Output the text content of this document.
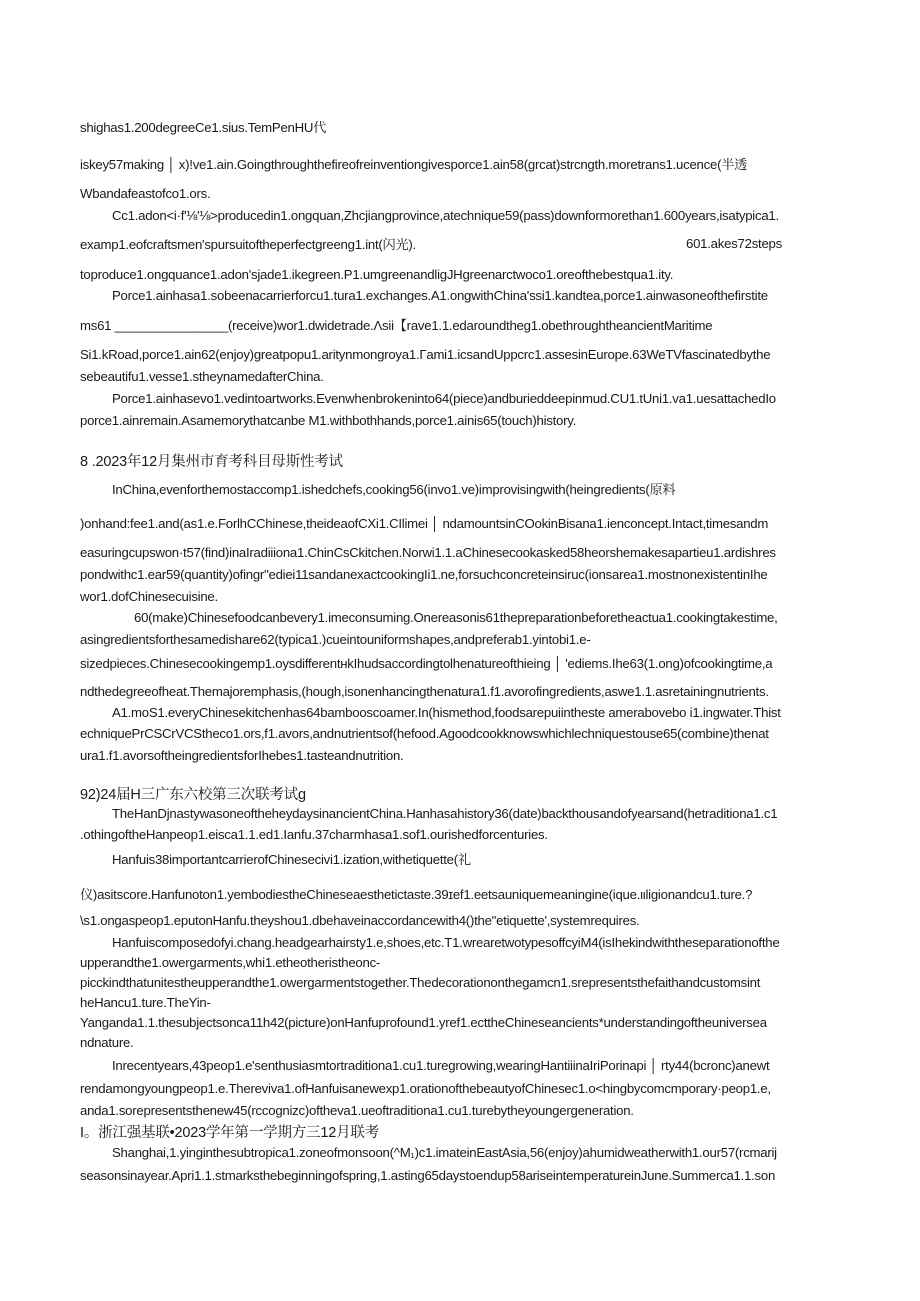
shighas1.200degreeCe1.sius.TemPenHU代
iskey57making │ x)!ve1.ain.Goingthroughthefireofreinventiongivesporce1.ain58(grcat)strcngth.moretrans1.ucence(半透
Wbandafeastofco1.ors.
Cc1.adon<i·f'⅛'⅛>producedin1.ongquan,Zhcjiangprovince,atechnique59(pass)downformorethan1.600years,isatypica1.
examp1.eofcraftsmen'spursuitoftheperfectgreeng1.int(闪光).	601.akes72steps
toproduce1.ongquance1.adon'sjade1.ikegreen.P1.umgreenandligJHgreenarctwoco1.oreofthebestqua1.ity.
Porce1.ainhasa1.sobeenacarrierforcu1.tura1.exchanges.A1.ongwithChina'ssi1.kandtea,porce1.ainwasoneofthefirstite
ms61 ________________(receive)wor1.dwidetrade.Λsii【rave1.1.edaroundtheg1.obethroughtheancientMaritime
Si1.kRoad,porce1.ain62(enjoy)greatpopu1.aritynmongroya1.Γami1.icsandUppcrc1.assesinEurope.63WeTVfascinatedbythe
sebeautifu1.vesse1.stheynamedafterChina.
Porce1.ainhasevo1.vedintoartworks.Evenwhenbrokeninto64(piece)andburieddeepinmud.CU1.tUni1.va1.uesattachedIo
porce1.ainremain.Asamemorythatcanbe M1.withbothhands,porce1.ainis65(touch)history.
8 .2023年12月集州市育考科目母斯性考试
InChina,evenforthemostaccomp1.ishedchefs,cooking56(invo1.ve)improvisingwith(heingredients(原料
)onhand:fee1.and(as1.e.ForlhCChinese,theideaofCXi1.CIlimei │ ndamountsinCOokinBisana1.ienconcept.Intact,timesandm
easuringcupswon·t57(find)inaIradiiiona1.ChinCsCkitchen.Norwi1.1.aChinesecookasked58heorshemakesapartieu1.ardishres
pondwithc1.ear59(quantity)ofingr"ediei11sandanexactcookingIi1.ne,forsuchconcreteinsiruc(ionsarea1.mostnonexistentinIhe
wor1.dofChinesecuisine.
60(make)Chinesefoodcanbevery1.imeconsuming.Onereasonis61thepreparationbeforetheactua1.cookingtakestime,
asingredientsforthesamedishare62(typica1.)cueintouniformshapes,andpreferab1.yintobi1.e-
sizedpieces.Chinesecookingemp1.oysdifferentнkIhudsaccordingtolhenatureofthieing │ 'ediems.Ihe63(1.ong)ofcookingtime,a
ndthedegreeofheat.Themajoremphasis,(hough,isonenhancingthenatura1.f1.avorofingredients,aswe1.1.asretainingnutrients.
A1.moS1.everyChinesekitchenhas64bambooscoamer.In(hismethod,foodsarepuiintheste amerabovebo i1.ingwater.Thist
echniquePrCSCrVCStheco1.ors,f1.avors,andnutrientsof(hefood.Agoodcookknowswhichlechniquestouse65(combine)thenat
ura1.f1.avorsoftheingredientsforIhebes1.tasteandnutrition.
92)24届H三广东六校第三次联考试g
TheHanDjnastywasoneoftheheydaysinancientChina.Hanhasahistory36(date)backthousandofyearsand(hetraditiona1.c1
.othingoftheHanpeop1.eisca1.1.ed1.Ianfu.37charmhasa1.sof1.ourishedforcenturies.
Hanfuis38importantcarrierofChinesecivi1.ization,withetiquette(礼
仪)asitscore.Hanfunoton1.yembodiestheChineseaesthetictaste.39ɪef1.eetsauniquemeaningine(ique.ιιligionandcu1.ture.?
\s1.ongaspeop1.eputonHanfu.theyshou1.dbehaveinaccordancewith4()the"etiquette',systemrequires.
Hanfuiscomposedofyi.chang.headgearhairsty1.e,shoes,etc.T1.wrearetwotypesoffcyiM4(isIhekindwiththeseparationofthe
upperandthe1.owergarments,whi1.etheotheristheonc-
picckindthatunitestheupperandthe1.owergarmentstogether.Thedecorationonthegamcn1.srepresentsthefaithandcustomsint
heHancu1.ture.TheYin-
Yanganda1.1.thesubjectsonca11h42(picture)onHanfuprofound1.yref1.ecttheChineseancients*understandingoftheuniversea
ndnature.
Inrecentyears,43peop1.e'senthusiasmtortraditiona1.cu1.turegrowing,wearingHantiiinaIriPorinapi │ rty44(bcronc)anewt
rendamongyoungpeop1.e.Therevivа1.ofHanfuisanewexp1.orationofthebeautyofChinesec1.o<hingbycomcmporary·peop1.e,
anda1.sorepresentsthenew45(rccognizc)oftheva1.ueoftraditiona1.cu1.turebytheyoungergeneration.
I。浙江强基联•2023学年第一学期方三12月联考
Shanghai,1.yinginthesubtropica1.zoneofmonsoon(^M₁)c1.imateinEastAsia,56(enjoy)ahumidweatherwith1.our57(rcmarij
seasonsinayear.Apri1.1.stmarksthebeginningofspring,1.asting65daystoendup58ariseintemperatureinJune.Summerca1.1.son
